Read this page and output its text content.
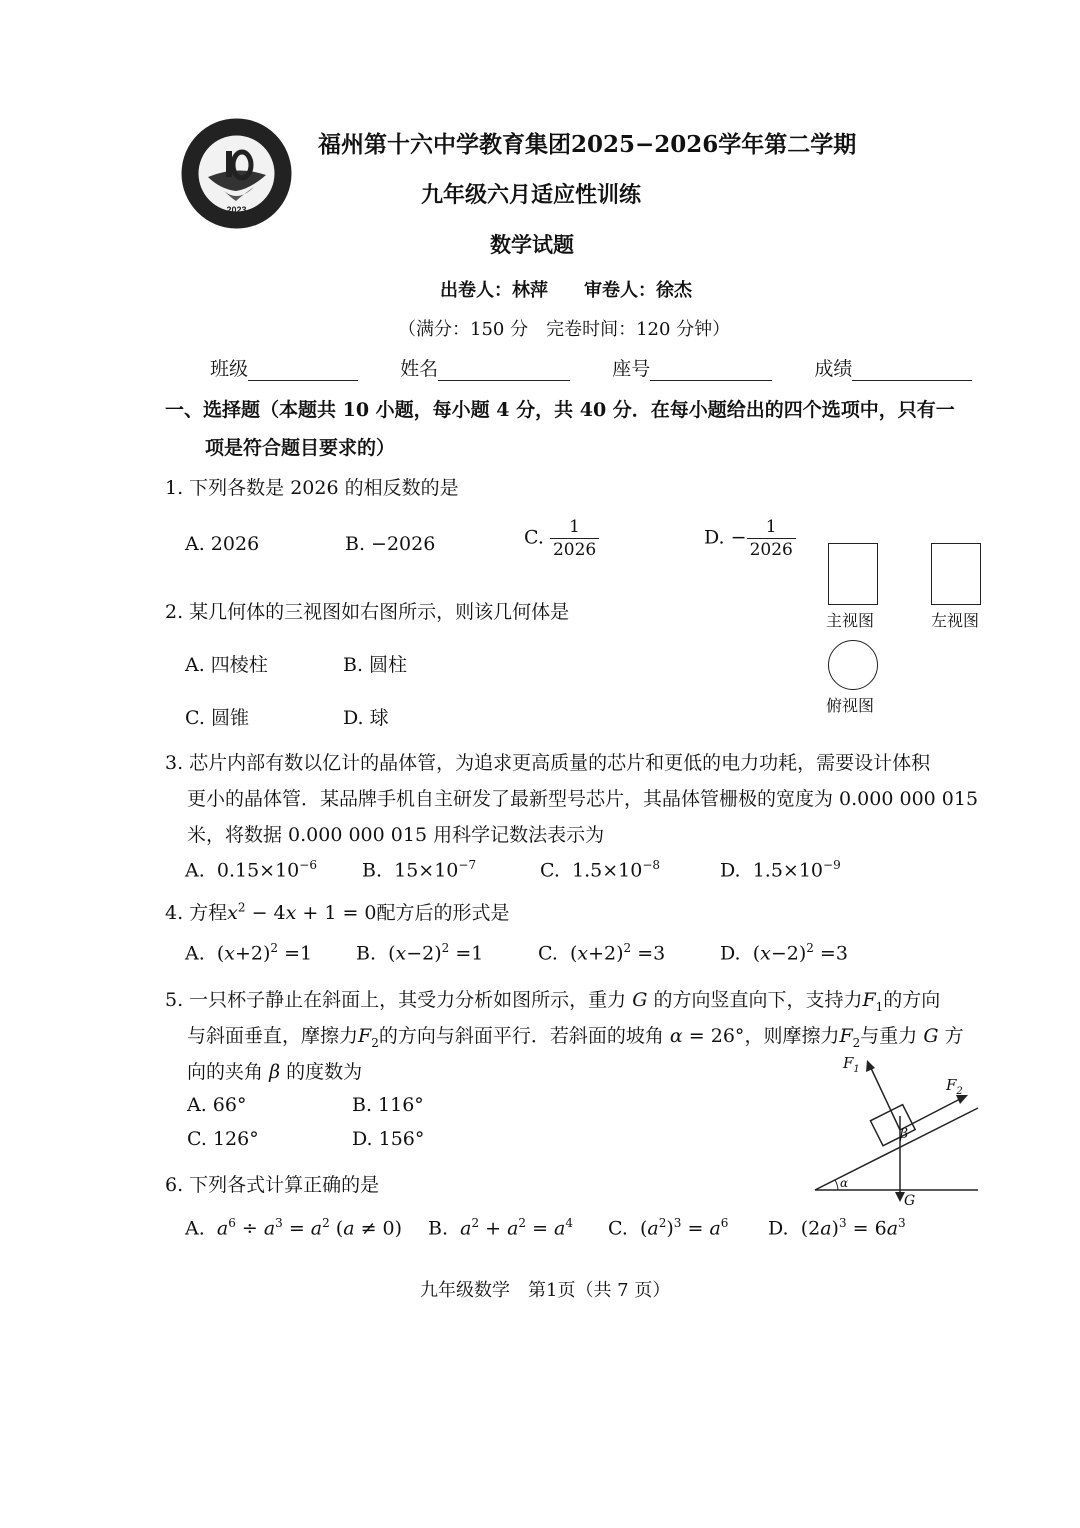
2023
福州第十六中学教育集团2025−2026学年第二学期
九年级六月适应性训练
数学试题
出卷人：林萍　　审卷人：徐杰
（满分：150 分　完卷时间：120 分钟）
班级	姓名	座号	成绩
一、选择题（本题共 10 小题，每小题 4 分，共 40 分．在每小题给出的四个选项中，只有一
项是符合题目要求的）
1. 下列各数是 2026 的相反数的是
A. 2026	B. −2026	C. $\frac{1}{2026}$	D. − $\frac{1}{2026}$
主视图	左视图
俯视图
2. 某几何体的三视图如右图所示，则该几何体是
A. 四棱柱	B. 圆柱
C. 圆锥	D. 球
3. 芯片内部有数以亿计的晶体管，为追求更高质量的芯片和更低的电力功耗，需要设计体积
更小的晶体管．某品牌手机自主研发了最新型号芯片，其晶体管栅极的宽度为 0.000 000 015
米，将数据 0.000 000 015 用科学记数法表示为
A. $0.15\times 10^{-6}$ B. $15\times 10^{-7}$	C. $1.5\times 10^{-8}$	D. $1.5\times 10^{-9}$
4. 方程$x^2 - 4x + 1 = 0$配方后的形式是
A.  $(x+2)^2 =1$ B.  $(x-2)^2 =1$	C.  $(x+2)^2 =3$	D.  $(x-2)^2 =3$
5. 一只杯子静止在斜面上，其受力分析如图所示，重力 G 的方向竖直向下，支持力$F_1$的方向
与斜面垂直，摩擦力$F_2$的方向与斜面平行．若斜面的坡角 α = 26°，则摩擦力$F_2$与重力 G 方
向的夹角 β 的度数为
A. 66°	B. 116°
C. 126°	D. 156°
$F_1$
$F_2$
β
α
G
6. 下列各式计算正确的是
A. $a^6 \div a^3 = a^2$ (a ≠ 0) B. $a^2 + a^2 = a^4$ C.  $(a^2)^3 = a^6$ D.  $(2a)^3 = 6a^3$
九年级数学　第1页（共 7 页）
